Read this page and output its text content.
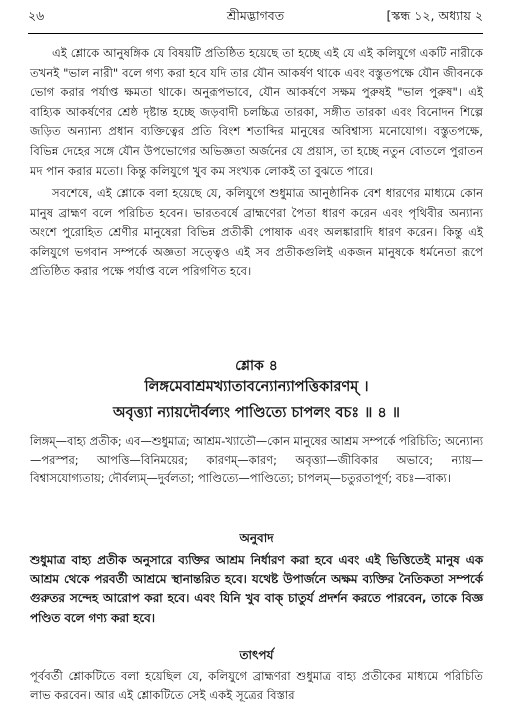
২৬	শ্রীমদ্ভাগবত	[স্কন্ধ ১২, অধ্যায় ২
এই শ্লোকে আনুষঙ্গিক যে বিষয়টি প্রতিষ্ঠিত হয়েছে তা হচ্ছে এই যে এই কলিযুগে একটি নারীকে তখনই "ভাল নারী" বলে গণ্য করা হবে যদি তার যৌন আকর্ষণ থাকে এবং বস্তুতপক্ষে যৌন জীবনকে ভোগ করার পর্যাপ্ত ক্ষমতা থাকে। অনুরূপভাবে, যৌন আকর্ষণে সক্ষম পুরুষই "ভাল পুরুষ"। এই বাহ্যিক আকর্ষণের শ্রেষ্ঠ দৃষ্টান্ত হচ্ছে জড়বাদী চলচ্চিত্র তারকা, সঙ্গীত তারকা এবং বিনোদন শিল্পে জড়িত অন্যান্য প্রধান ব্যক্তিত্বের প্রতি বিংশ শতাব্দির মানুষের অবিশ্বাস্য মনোযোগ। বস্তুতপক্ষে, বিভিন্ন দেহের সঙ্গে যৌন উপভোগের অভিজ্ঞতা অর্জনের যে প্রয়াস, তা হচ্ছে নতুন বোতলে পুরাতন মদ পান করার মতো। কিন্তু কলিযুগে খুব কম সংখ্যক লোকই তা বুঝতে পারে।
সবশেষে, এই শ্লোকে বলা হয়েছে যে, কলিযুগে শুধুমাত্র আনুষ্ঠানিক বেশ ধারণের মাধ্যমে কোন মানুষ ব্রাহ্মণ বলে পরিচিত হবেন। ভারতবর্ষে ব্রাহ্মণেরা পৈতা ধারণ করেন এবং পৃথিবীর অন্যান্য অংশে পুরোহিত শ্রেণীর মানুষেরা বিভিন্ন প্রতীকী পোষাক এবং অলঙ্কারাদি ধারণ করেন। কিন্তু এই কলিযুগে ভগবান সম্পর্কে অজ্ঞতা সত্ত্বেও এই সব প্রতীকগুলিই একজন মানুষকে ধর্মনেতা রূপে প্রতিষ্ঠিত করার পক্ষে পর্যাপ্ত বলে পরিগণিত হবে।
শ্লোক ৪
লিঙ্গমেবাশ্রমখ্যাতাবন্যোন্যাপত্তিকারণম্ ।
অবৃত্ত্যা ন্যায়দৌর্বল্যং পাণ্ডিত্যে চাপলং বচঃ ॥ ৪ ॥
লিঙ্গম্—বাহ্য প্রতীক; এব—শুধুমাত্র; আশ্রম-খ্যাতৌ—কোন মানুষের আশ্রম সম্পর্কে পরিচিতি; অন্যোন্য—পরস্পর; আপত্তি—বিনিময়ের; কারণম্—কারণ; অবৃত্ত্যা—জীবিকার অভাবে; ন্যায়—বিশ্বাসযোগ্যতায়; দৌর্বল্যম্—দুর্বলতা; পাণ্ডিত্যে—পাণ্ডিত্যে; চাপলম্—চতুরতাপূর্ণ; বচঃ—বাক্য।
অনুবাদ
শুধুমাত্র বাহ্য প্রতীক অনুসারে ব্যক্তির আশ্রম নির্ধারণ করা হবে এবং এই ভিত্তিতেই মানুষ এক আশ্রম থেকে পরবর্তী আশ্রমে স্থানান্তরিত হবে। যথেষ্ট উপার্জনে অক্ষম ব্যক্তির নৈতিকতা সম্পর্কে গুরুতর সন্দেহ আরোপ করা হবে। এবং যিনি খুব বাক্ চাতুর্য প্রদর্শন করতে পারবেন, তাকে বিজ্ঞ পণ্ডিত বলে গণ্য করা হবে।
তাৎপর্য
পূর্ববর্তী শ্লোকটিতে বলা হয়েছিল যে, কলিযুগে ব্রাহ্মণরা শুধুমাত্র বাহ্য প্রতীকের মাধ্যমে পরিচিতি লাভ করবেন। আর এই শ্লোকটিতে সেই একই সূত্রের বিস্তার
